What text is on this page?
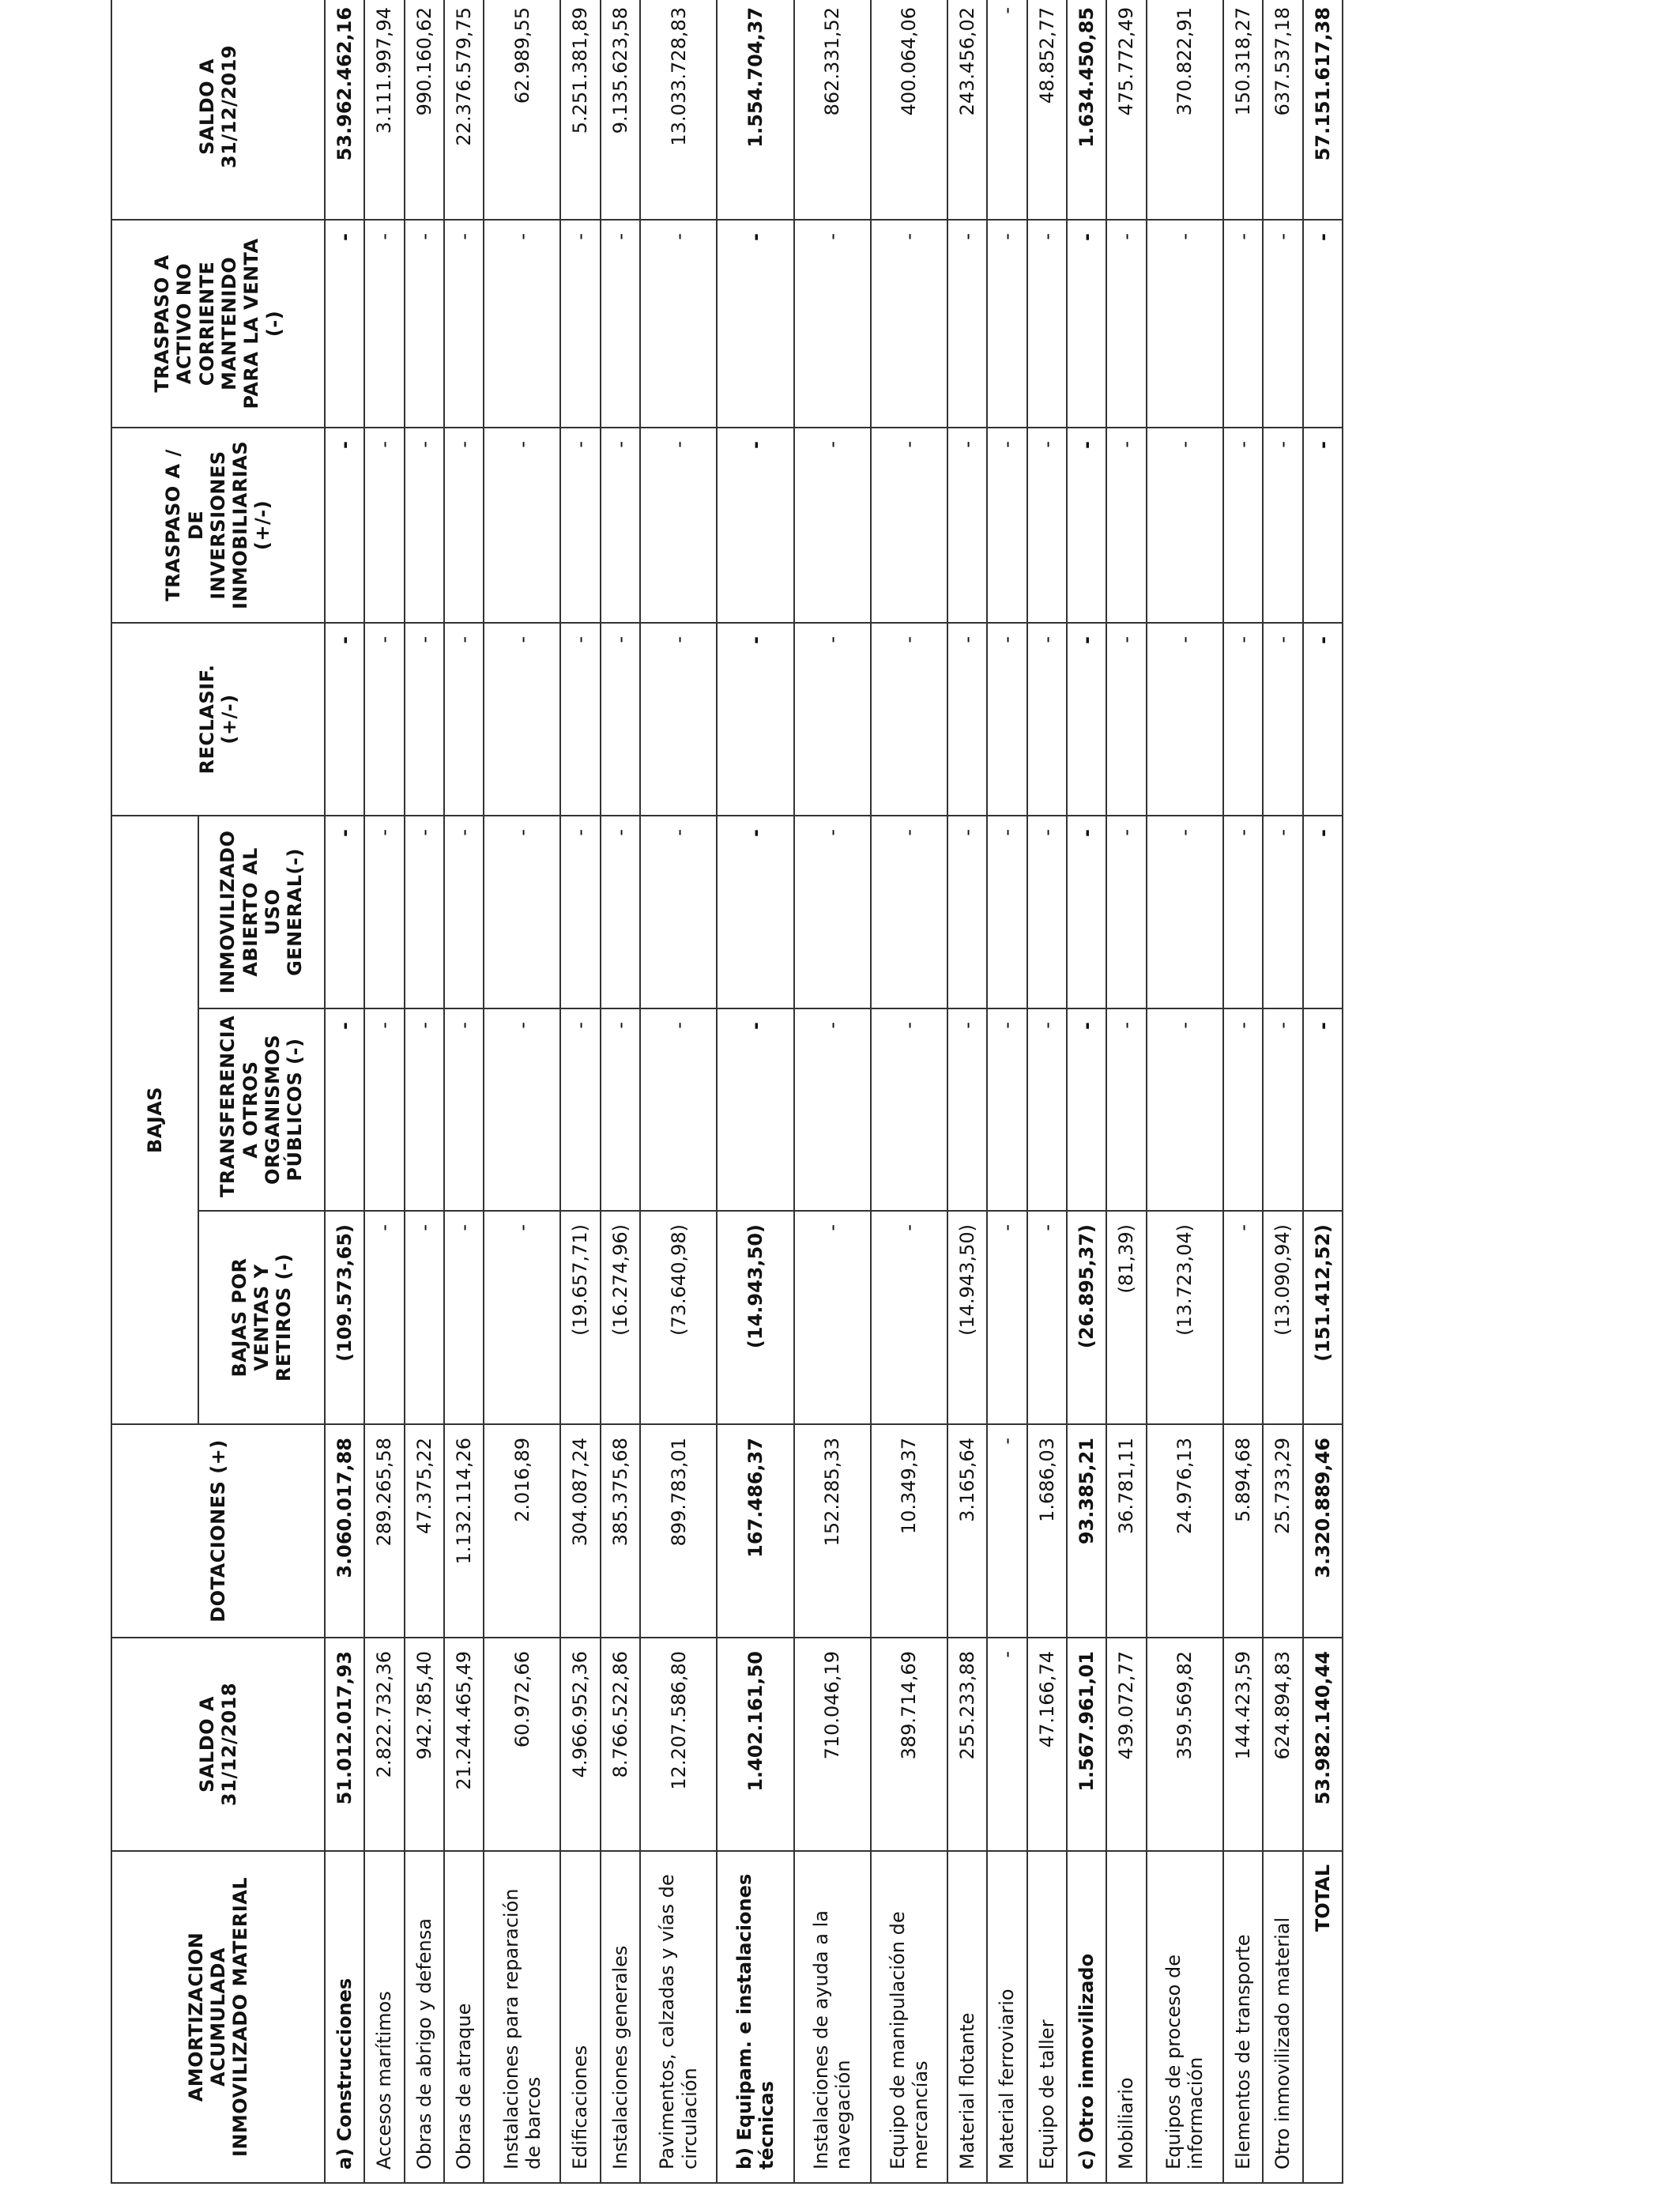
AMORTIZACION ACUMULADA INMOVILIZADO MATERIAL	SALDO A 31/12/2018	DOTACIONES (+)	BAJAS			RECLASIF. (+/-)	TRASPASO A / DE INVERSIONES INMOBILIARIAS (+/-)	TRASPASO A ACTIVO NO CORRIENTE MANTENIDO PARA LA VENTA (-)	SALDO A 31/12/2019
			BAJAS POR VENTAS Y RETIROS (-)	TRANSFERENCIA A OTROS ORGANISMOS PÚBLICOS (-)	INMOVILIZADO ABIERTO AL USO GENERAL(-)				
a) Construcciones	51.012.017,93	3.060.017,88	(109.573,65)	-	-	-	-	-	53.962.462,16
Accesos marítimos	2.822.732,36	289.265,58	-	-	-	-	-	-	3.111.997,94
Obras de abrigo y defensa	942.785,40	47.375,22	-	-	-	-	-	-	990.160,62
Obras de atraque	21.244.465,49	1.132.114,26	-	-	-	-	-	-	22.376.579,75
Instalaciones para reparación de barcos	60.972,66	2.016,89	-	-	-	-	-	-	62.989,55
Edificaciones	4.966.952,36	304.087,24	(19.657,71)	-	-	-	-	-	5.251.381,89
Instalaciones generales	8.766.522,86	385.375,68	(16.274,96)	-	-	-	-	-	9.135.623,58
Pavimentos, calzadas y vías de circulación	12.207.586,80	899.783,01	(73.640,98)	-	-	-	-	-	13.033.728,83
b) Equipam. e instalaciones técnicas	1.402.161,50	167.486,37	(14.943,50)	-	-	-	-	-	1.554.704,37
Instalaciones de ayuda a la navegación	710.046,19	152.285,33	-	-	-	-	-	-	862.331,52
Equipo de manipulación de mercancías	389.714,69	10.349,37	-	-	-	-	-	-	400.064,06
Material flotante	255.233,88	3.165,64	(14.943,50)	-	-	-	-	-	243.456,02
Material ferroviario	-	-	-	-	-	-	-	-	-
Equipo de taller	47.166,74	1.686,03	-	-	-	-	-	-	48.852,77
c) Otro inmovilizado	1.567.961,01	93.385,21	(26.895,37)	-	-	-	-	-	1.634.450,85
Mobiliario	439.072,77	36.781,11	(81,39)	-	-	-	-	-	475.772,49
Equipos de proceso de información	359.569,82	24.976,13	(13.723,04)	-	-	-	-	-	370.822,91
Elementos de transporte	144.423,59	5.894,68	-	-	-	-	-	-	150.318,27
Otro inmovilizado material	624.894,83	25.733,29	(13.090,94)	-	-	-	-	-	637.537,18
TOTAL	53.982.140,44	3.320.889,46	(151.412,52)	-	-	-	-	-	57.151.617,38
